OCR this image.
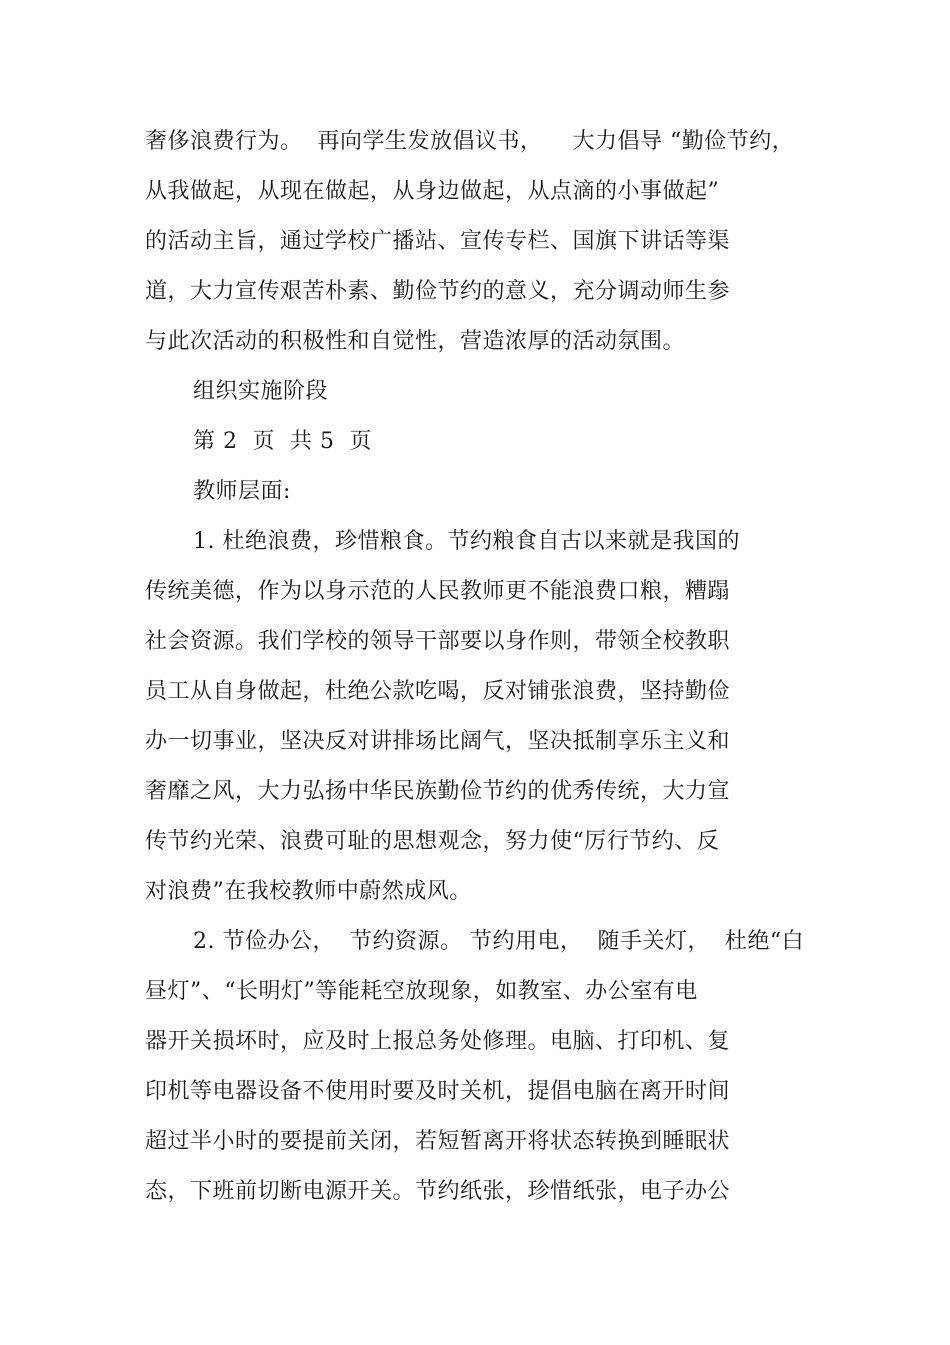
奢侈浪费行为。  再向学生发放倡议书，    大力倡导 “勤俭节约，
从我做起，从现在做起，从身边做起，从点滴的小事做起”
的活动主旨，通过学校广播站、宣传专栏、国旗下讲话等渠
道，大力宣传艰苦朴素、勤俭节约的意义，充分调动师生参
与此次活动的积极性和自觉性，营造浓厚的活动氛围。
组织实施阶段
第 2  页  共 5  页
教师层面:
1. 杜绝浪费，珍惜粮食。节约粮食自古以来就是我国的
传统美德，作为以身示范的人民教师更不能浪费口粮，糟蹋
社会资源。我们学校的领导干部要以身作则，带领全校教职
员工从自身做起，杜绝公款吃喝，反对铺张浪费，坚持勤俭
办一切事业，坚决反对讲排场比阔气，坚决抵制享乐主义和
奢靡之风，大力弘扬中华民族勤俭节约的优秀传统，大力宣
传节约光荣、浪费可耻的思想观念，努力使“厉行节约、反
对浪费”在我校教师中蔚然成风。
2. 节俭办公，  节约资源。 节约用电，  随手关灯，  杜绝“白
昼灯”、“长明灯”等能耗空放现象，如教室、办公室有电
器开关损坏时，应及时上报总务处修理。电脑、打印机、复
印机等电器设备不使用时要及时关机，提倡电脑在离开时间
超过半小时的要提前关闭，若短暂离开将状态转换到睡眠状
态，下班前切断电源开关。节约纸张，珍惜纸张，电子办公
